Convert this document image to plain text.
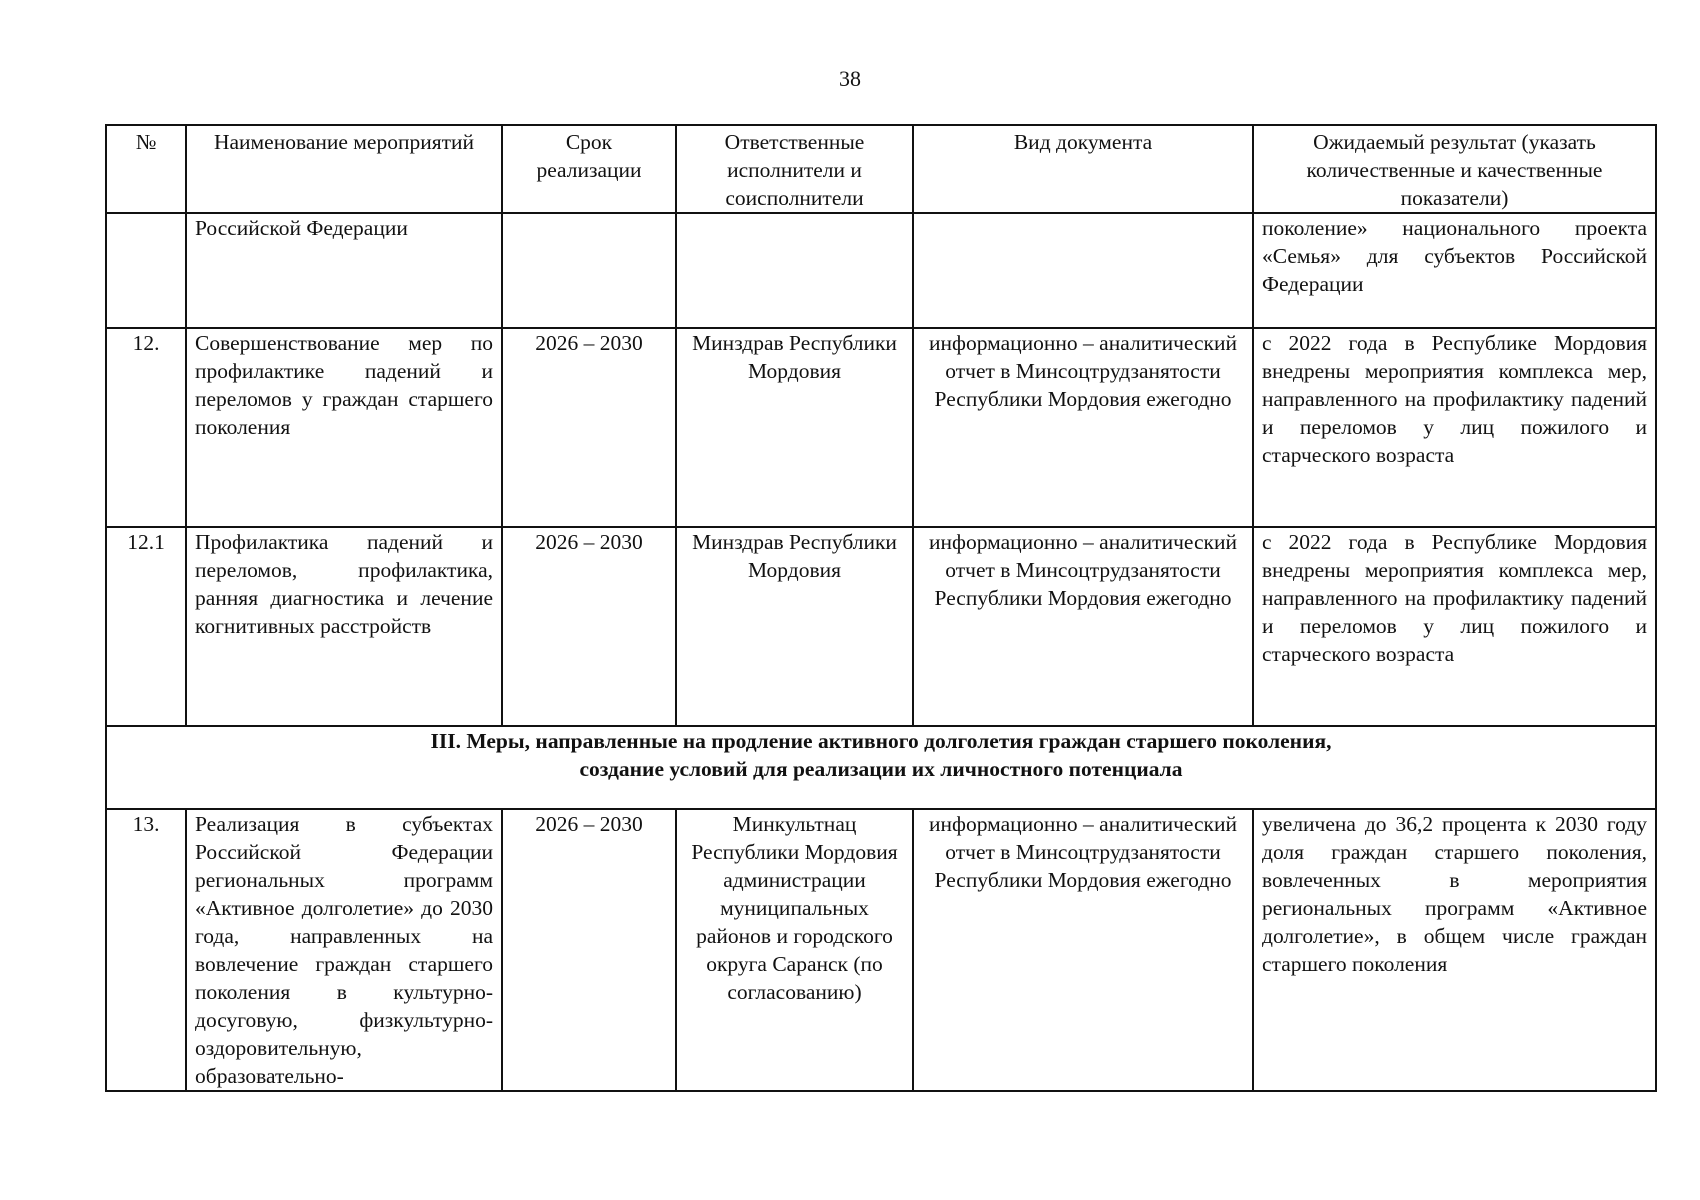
38
№	Наименование мероприятий	Срок реализации	Ответственные исполнители и соисполнители	Вид документа	Ожидаемый результат (указать количественные и качественные показатели)
	Российской Федерации				поколение» национального проекта «Семья» для субъектов Российской Федерации
12.	Совершенствование мер по профилактике падений и переломов у граждан старшего поколения	2026 – 2030	Минздрав Республики Мордовия	информационно – аналитический отчет в Минсоцтрудзанятости Республики Мордовия ежегодно	с 2022 года в Республике Мордовия внедрены мероприятия комплекса мер, направленного на профилактику падений и переломов у лиц пожилого и старческого возраста
12.1	Профилактика падений и переломов, профилактика, ранняя диагностика и лечение когнитивных расстройств	2026 – 2030	Минздрав Республики Мордовия	информационно – аналитический отчет в Минсоцтрудзанятости Республики Мордовия ежегодно	с 2022 года в Республике Мордовия внедрены мероприятия комплекса мер, направленного на профилактику падений и переломов у лиц пожилого и старческого возраста

III. Меры, направленные на продление активного долголетия граждан старшего поколения,
создание условий для реализации их личностного потенциала					

13.	Реализация в субъектах Российской Федерации региональных программ «Активное долголетие» до 2030 года, направленных на вовлечение граждан старшего поколения в культурно-досуговую, физкультурно-оздоровительную, образовательно-	2026 – 2030	Минкультнац Республики Мордовия администрации муниципальных районов и городского округа Саранск (по согласованию)	информационно – аналитический отчет в Минсоцтрудзанятости Республики Мордовия ежегодно	увеличена до 36,2 процента к 2030 году доля граждан старшего поколения, вовлеченных в мероприятия региональных программ «Активное долголетие», в общем числе граждан старшего поколения
